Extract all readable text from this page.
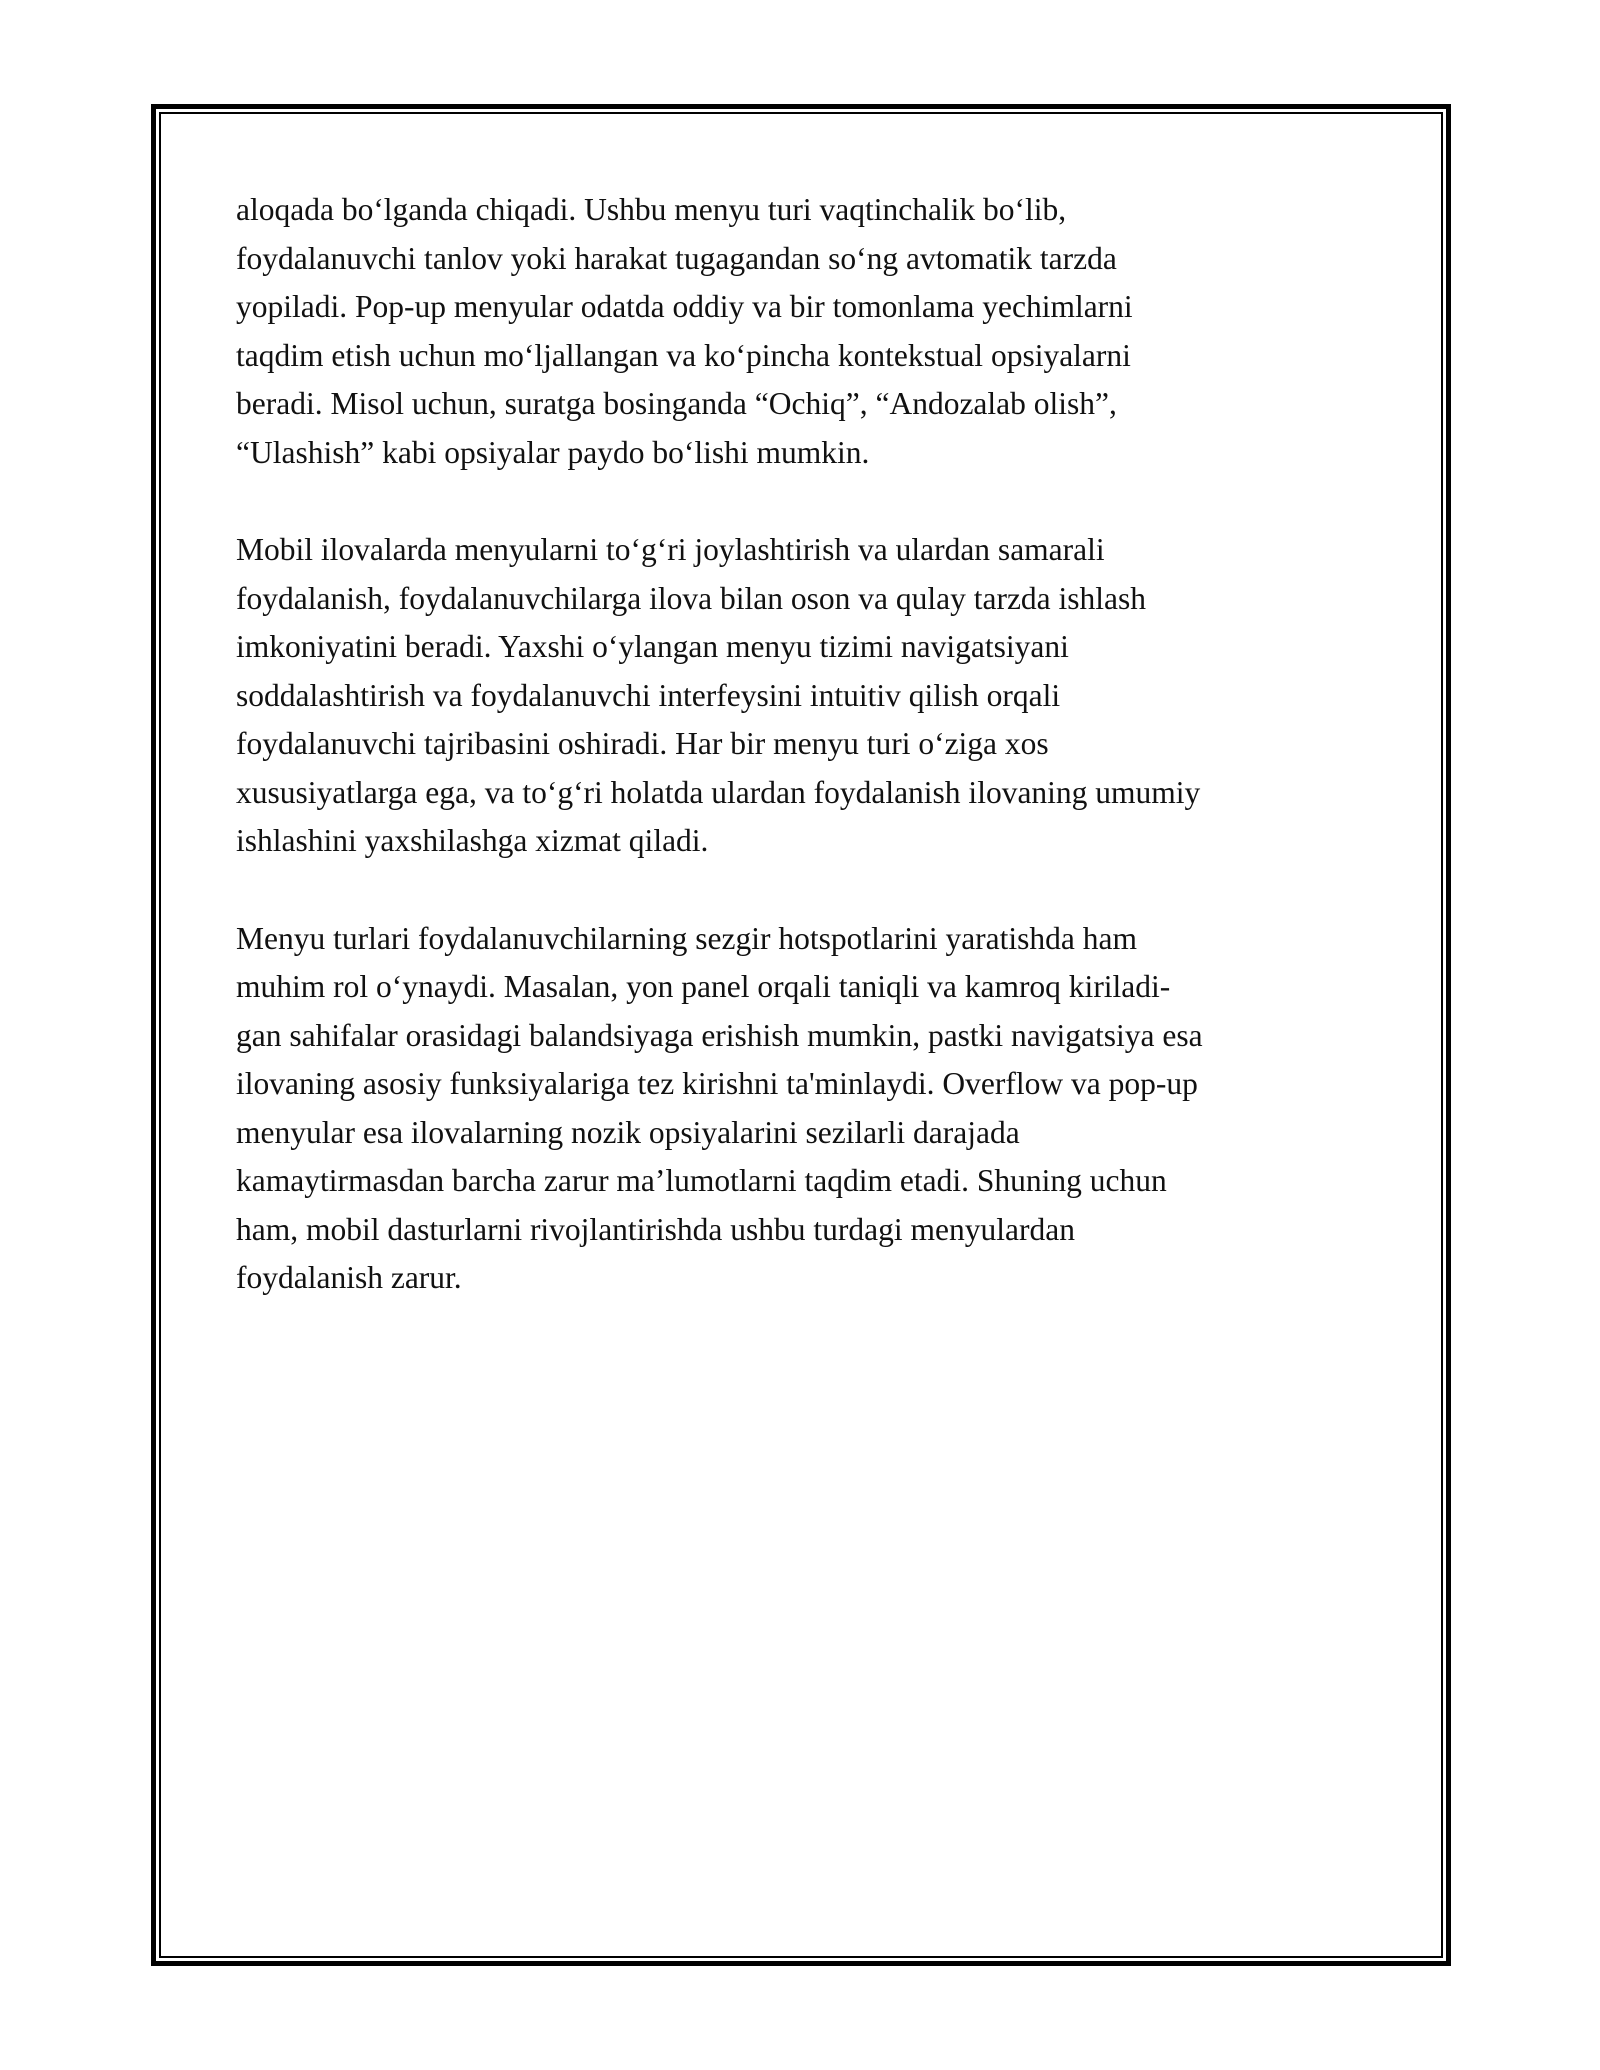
aloqada bo‘lganda chiqadi. Ushbu menyu turi vaqtinchalik bo‘lib,
foydalanuvchi tanlov yoki harakat tugagandan so‘ng avtomatik tarzda
yopiladi. Pop-up menyular odatda oddiy va bir tomonlama yechimlarni
taqdim etish uchun mo‘ljallangan va ko‘pincha kontekstual opsiyalarni
beradi. Misol uchun, suratga bosinganda “Ochiq”, “Andozalab olish”,
“Ulashish” kabi opsiyalar paydo bo‘lishi mumkin.

Mobil ilovalarda menyularni to‘g‘ri joylashtirish va ulardan samarali
foydalanish, foydalanuvchilarga ilova bilan oson va qulay tarzda ishlash
imkoniyatini beradi. Yaxshi o‘ylangan menyu tizimi navigatsiyani
soddalashtirish va foydalanuvchi interfeysini intuitiv qilish orqali
foydalanuvchi tajribasini oshiradi. Har bir menyu turi o‘ziga xos
xususiyatlarga ega, va to‘g‘ri holatda ulardan foydalanish ilovaning umumiy
ishlashini yaxshilashga xizmat qiladi.

Menyu turlari foydalanuvchilarning sezgir hotspotlarini yaratishda ham
muhim rol o‘ynaydi. Masalan, yon panel orqali taniqli va kamroq kiriladi-
gan sahifalar orasidagi balandsiyaga erishish mumkin, pastki navigatsiya esa
ilovaning asosiy funksiyalariga tez kirishni ta'minlaydi. Overflow va pop-up
menyular esa ilovalarning nozik opsiyalarini sezilarli darajada
kamaytirmasdan barcha zarur ma’lumotlarni taqdim etadi. Shuning uchun
ham, mobil dasturlarni rivojlantirishda ushbu turdagi menyulardan
foydalanish zarur.
